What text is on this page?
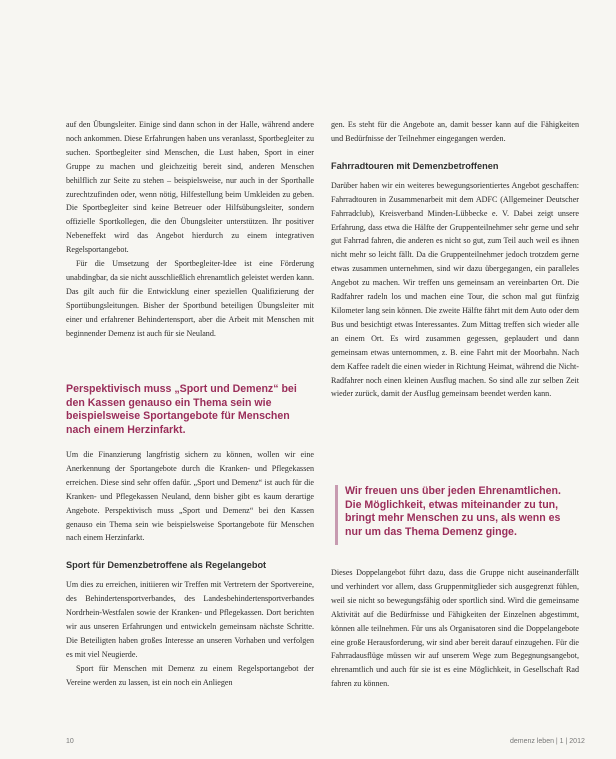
auf den Übungsleiter. Einige sind dann schon in der Halle, während andere noch ankommen. Diese Erfahrungen haben uns veranlasst, Sportbegleiter zu suchen. Sportbegleiter sind Menschen, die Lust haben, Sport in einer Gruppe zu machen und gleichzeitig bereit sind, anderen Menschen behilflich zur Seite zu stehen – beispielsweise, nur auch in der Sporthalle zurechtzufinden oder, wenn nötig, Hilfestellung beim Umkleiden zu geben. Die Sportbegleiter sind keine Betreuer oder Hilfsübungsleiter, sondern offizielle Sportkollegen, die den Übungsleiter unterstützen. Ihr positiver Nebeneffekt wird das Angebot hierdurch zu einem integrativen Regelsportangebot.

Für die Umsetzung der Sportbegleiter-Idee ist eine Förderung unabdingbar, da sie nicht ausschließlich ehrenamtlich geleistet werden kann. Das gilt auch für die Entwicklung einer speziellen Qualifizierung der Sportübungsleitungen. Bisher der Sportbund beteiligen Übungsleiter mit einer und erfahrener Behindertensport, aber die Arbeit mit Menschen mit beginnender Demenz ist auch für sie Neuland.

Perspektivisch muss „Sport und Demenz“ bei den Kassen genauso ein Thema sein wie beispielsweise Sportangebote für Menschen nach einem Herzinfarkt.

Um die Finanzierung langfristig sichern zu können, wollen wir eine Anerkennung der Sportangebote durch die Kranken- und Pflegekassen erreichen. Diese sind sehr offen dafür. „Sport und Demenz“ ist auch für die Kranken- und Pflegekassen Neuland, denn bisher gibt es kaum derartige Angebote. Perspektivisch muss „Sport und Demenz“ bei den Kassen genauso ein Thema sein wie beispielsweise Sportangebote für Menschen nach einem Herzinfarkt.

Sport für Demenzbetroffene als Regelangebot

Um dies zu erreichen, initiieren wir Treffen mit Vertretern der Sportvereine, des Behindertensportverbandes, des Landesbehindertensportverbandes Nordrhein-Westfalen sowie der Kranken- und Pflegekassen. Dort berichten wir aus unseren Erfahrungen und entwickeln gemeinsam nächste Schritte. Die Beteiligten haben großes Interesse an unseren Vorhaben und verfolgen es mit viel Neugierde.

Sport für Menschen mit Demenz zu einem Regelsportangebot der Vereine werden zu lassen, ist ein noch ein Anliegen

gen. Es steht für die Angebote an, damit besser kann auf die Fähigkeiten und Bedürfnisse der Teilnehmer eingegangen werden.

Fahrradtouren mit Demenzbetroffenen

Darüber haben wir ein weiteres bewegungsorientiertes Angebot geschaffen: Fahrradtouren in Zusammenarbeit mit dem ADFC (Allgemeiner Deutscher Fahrradclub), Kreisverband Minden-Lübbecke e. V. Dabei zeigt unsere Erfahrung, dass etwa die Hälfte der Gruppenteilnehmer sehr gerne und sehr gut Fahrrad fahren, die anderen es nicht so gut, zum Teil auch weil es ihnen nicht mehr so leicht fällt. Da die Gruppenteilnehmer jedoch trotzdem gerne etwas zusammen unternehmen, sind wir dazu übergegangen, ein paralleles Angebot zu machen. Wir treffen uns gemeinsam an vereinbarten Ort. Die Radfahrer radeln los und machen eine Tour, die schon mal gut fünfzig Kilometer lang sein können. Die zweite Hälfte fährt mit dem Auto oder dem Bus und besichtigt etwas Interessantes. Zum Mittag treffen sich wieder alle an einem Ort. Es wird zusammen gegessen, geplaudert und dann gemeinsam etwas unternommen, z. B. eine Fahrt mit der Moorbahn. Nach dem Kaffee radelt die einen wieder in Richtung Heimat, während die Nicht-Radfahrer noch einen kleinen Ausflug machen. So sind alle zur selben Zeit wieder zurück, damit der Ausflug gemeinsam beendet werden kann.

Wir freuen uns über jeden Ehrenamtlichen. Die Möglichkeit, etwas miteinander zu tun, bringt mehr Menschen zu uns, als wenn es nur um das Thema Demenz ginge.

Dieses Doppelangebot führt dazu, dass die Gruppe nicht auseinanderfällt und verhindert vor allem, dass Gruppenmitglieder sich ausgegrenzt fühlen, weil sie nicht so bewegungsfähig oder sportlich sind. Wird die gemeinsame Aktivität auf die Bedürfnisse und Fähigkeiten der Einzelnen abgestimmt, können alle teilnehmen. Für uns als Organisatoren sind die Doppelangebote eine große Herausforderung, wir sind aber bereit darauf einzugehen. Für die Fahrradausflüge müssen wir auf unserem Wege zum Begegnungsangebot, ehrenamtlich und auch für sie ist es eine Möglichkeit, in Gesellschaft Rad fahren zu können.

10	demenz leben | 1 | 2012
